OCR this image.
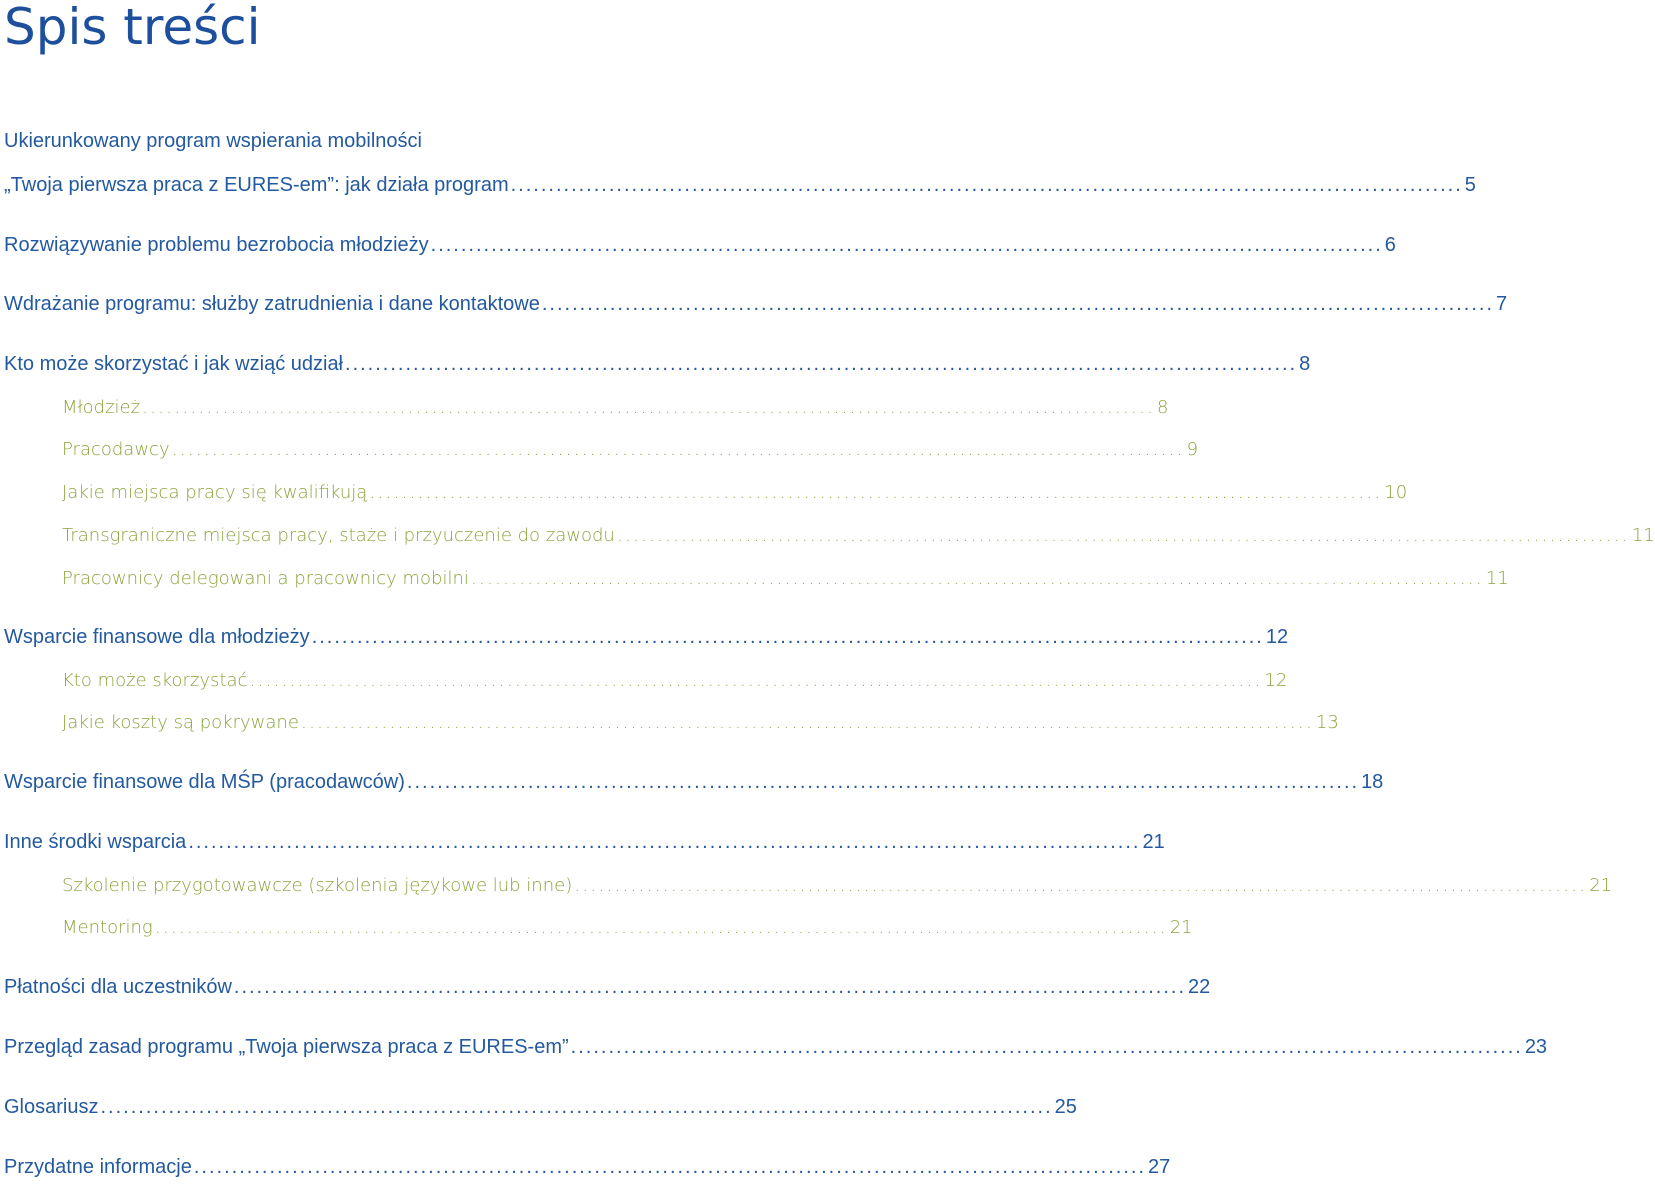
Spis treści
Ukierunkowany program wspierania mobilności
„Twoja pierwsza praca z EURES-em”: jak działa program .............................................................................................................................. 5
Rozwiązywanie problemu bezrobocia młodzieży .............................................................................................................................. 6
Wdrażanie programu: służby zatrudnienia i dane kontaktowe .............................................................................................................................. 7
Kto może skorzystać i jak wziąć udział .............................................................................................................................. 8
Młodzież .............................................................................................................................. 8
Pracodawcy .............................................................................................................................. 9
Jakie miejsca pracy się kwalifikują .............................................................................................................................. 10
Transgraniczne miejsca pracy, staże i przyuczenie do zawodu .............................................................................................................................. 11
Pracownicy delegowani a pracownicy mobilni .............................................................................................................................. 11
Wsparcie finansowe dla młodzieży .............................................................................................................................. 12
Kto może skorzystać .............................................................................................................................. 12
Jakie koszty są pokrywane .............................................................................................................................. 13
Wsparcie finansowe dla MŚP (pracodawców) .............................................................................................................................. 18
Inne środki wsparcia .............................................................................................................................. 21
Szkolenie przygotowawcze (szkolenia językowe lub inne) .............................................................................................................................. 21
Mentoring .............................................................................................................................. 21
Płatności dla uczestników .............................................................................................................................. 22
Przegląd zasad programu „Twoja pierwsza praca z EURES-em” .............................................................................................................................. 23
Glosariusz .............................................................................................................................. 25
Przydatne informacje .............................................................................................................................. 27
